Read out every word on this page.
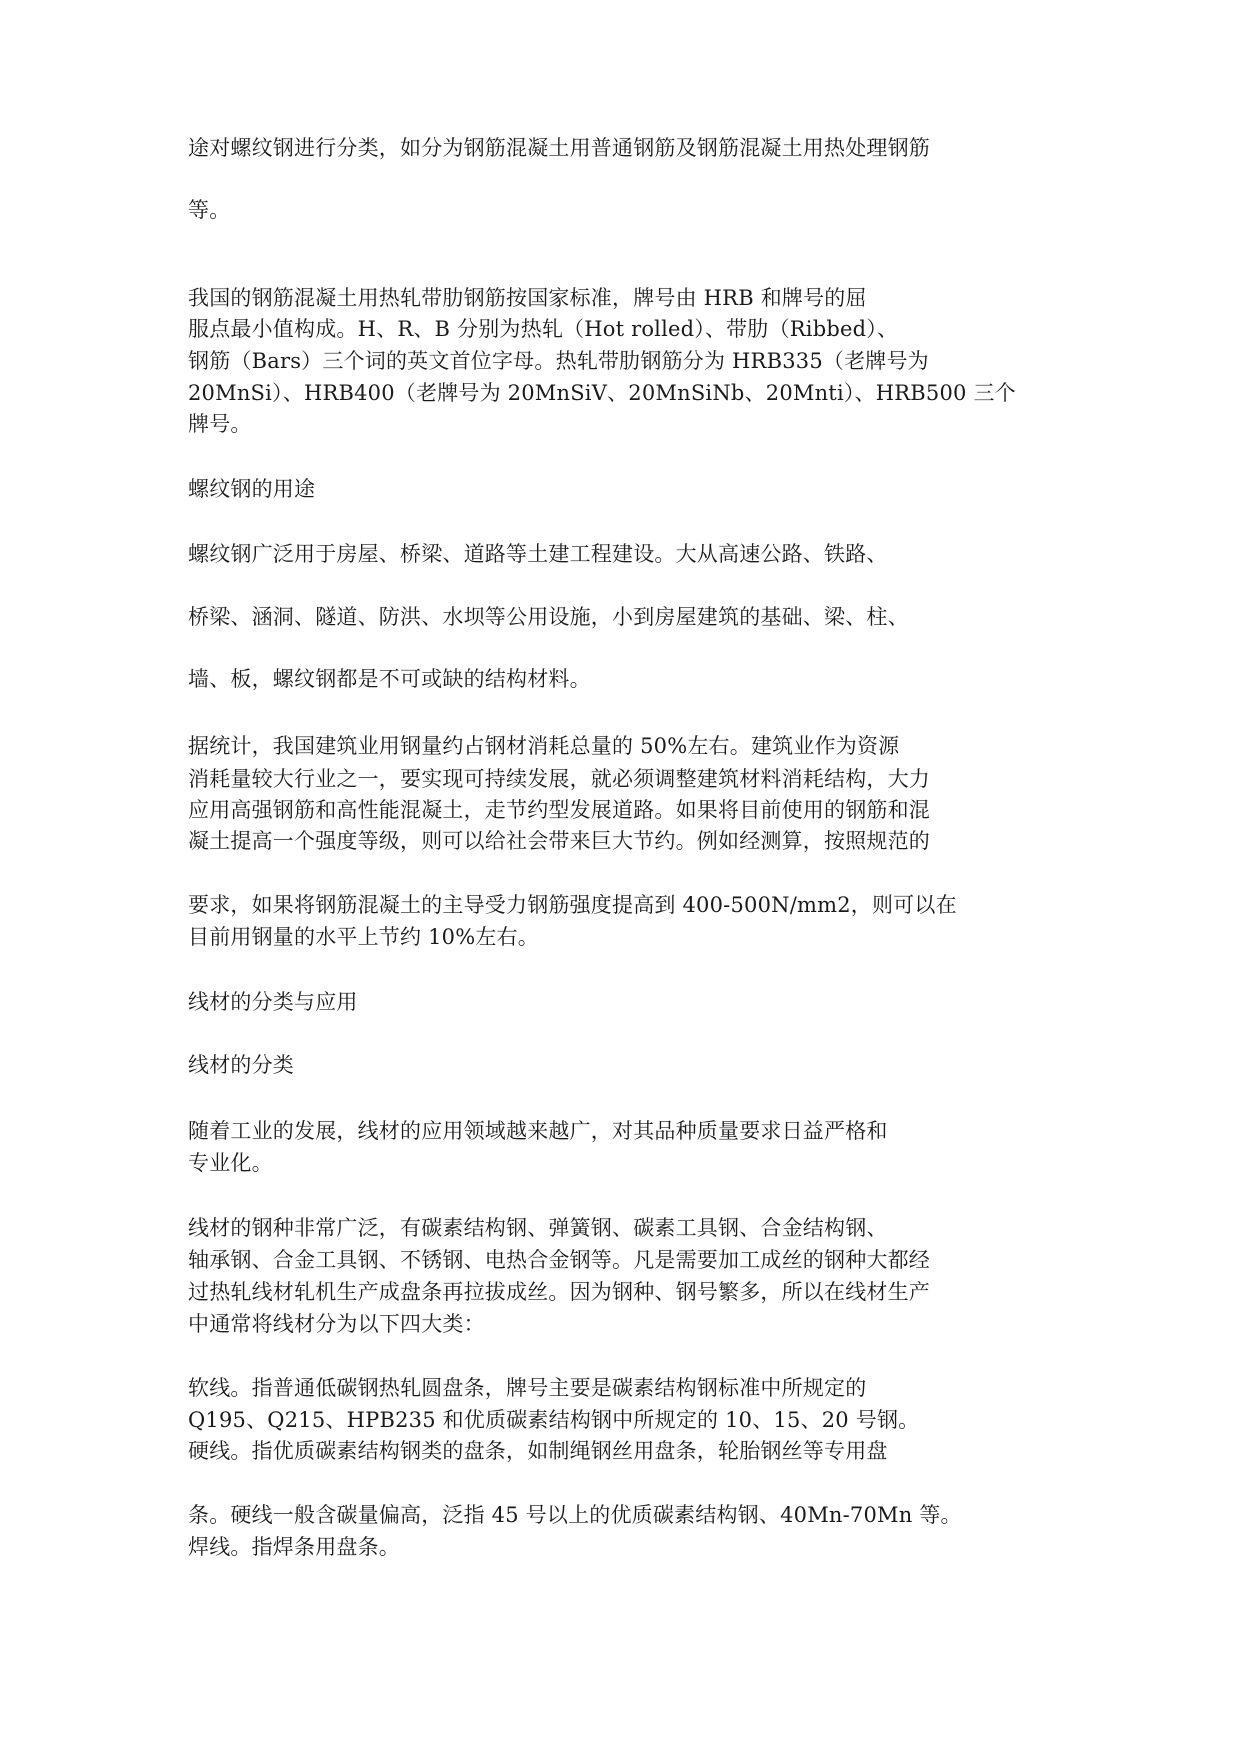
途对螺纹钢进行分类，如分为钢筋混凝土用普通钢筋及钢筋混凝土用热处理钢筋
等。
我国的钢筋混凝土用热轧带肋钢筋按国家标准，牌号由 HRB 和牌号的屈
服点最小值构成。H、R、B 分别为热轧（Hot rolled）、带肋（Ribbed）、
钢筋（Bars）三个词的英文首位字母。热轧带肋钢筋分为 HRB335（老牌号为
20MnSi）、HRB400（老牌号为 20MnSiV、20MnSiNb、20Mnti）、HRB500 三个
牌号。
螺纹钢的用途
螺纹钢广泛用于房屋、桥梁、道路等土建工程建设。大从高速公路、铁路、
桥梁、涵洞、隧道、防洪、水坝等公用设施，小到房屋建筑的基础、梁、柱、
墙、板，螺纹钢都是不可或缺的结构材料。
据统计，我国建筑业用钢量约占钢材消耗总量的 50%左右。建筑业作为资源
消耗量较大行业之一，要实现可持续发展，就必须调整建筑材料消耗结构，大力
应用高强钢筋和高性能混凝土，走节约型发展道路。如果将目前使用的钢筋和混
凝土提高一个强度等级，则可以给社会带来巨大节约。例如经测算，按照规范的
要求，如果将钢筋混凝土的主导受力钢筋强度提高到 400-500N/mm2，则可以在
目前用钢量的水平上节约 10%左右。
线材的分类与应用
线材的分类
随着工业的发展，线材的应用领域越来越广，对其品种质量要求日益严格和
专业化。
线材的钢种非常广泛，有碳素结构钢、弹簧钢、碳素工具钢、合金结构钢、
轴承钢、合金工具钢、不锈钢、电热合金钢等。凡是需要加工成丝的钢种大都经
过热轧线材轧机生产成盘条再拉拔成丝。因为钢种、钢号繁多，所以在线材生产
中通常将线材分为以下四大类：
软线。指普通低碳钢热轧圆盘条，牌号主要是碳素结构钢标准中所规定的
Q195、Q215、HPB235 和优质碳素结构钢中所规定的 10、15、20 号钢。
硬线。指优质碳素结构钢类的盘条，如制绳钢丝用盘条，轮胎钢丝等专用盘
条。硬线一般含碳量偏高，泛指 45 号以上的优质碳素结构钢、40Mn-70Mn 等。
焊线。指焊条用盘条。
